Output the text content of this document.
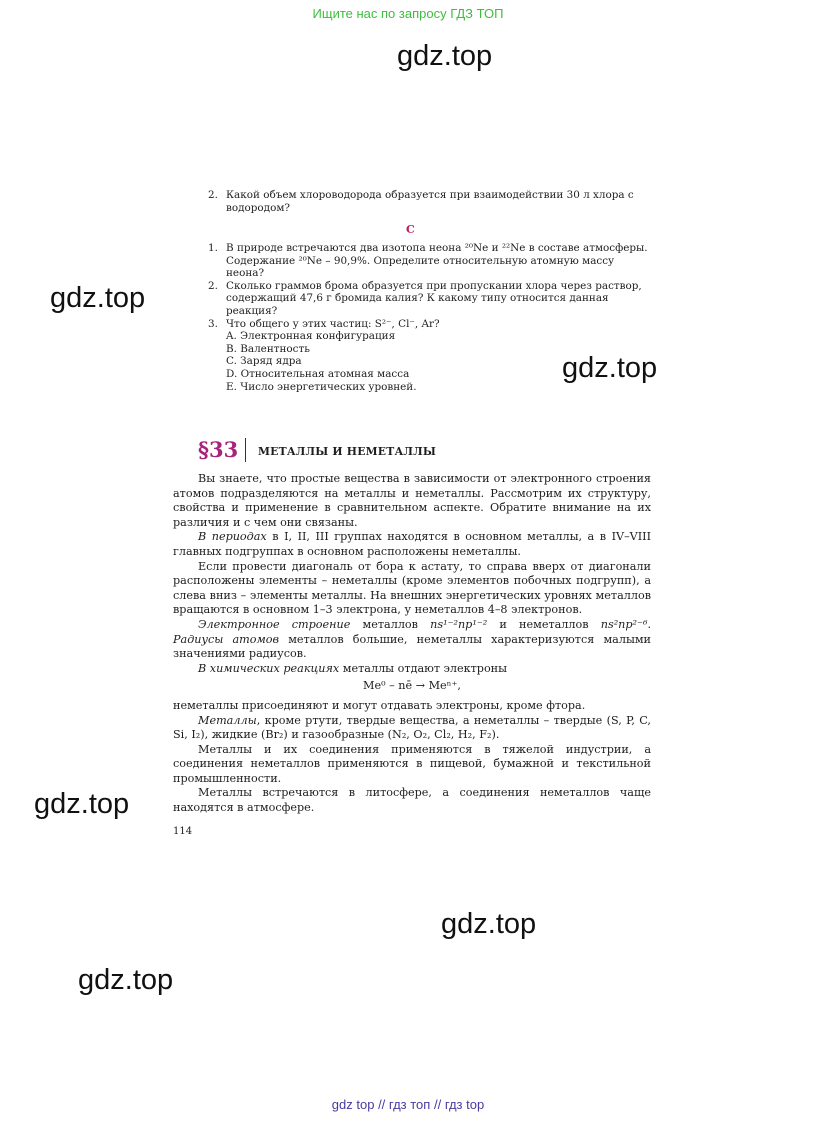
Ищите нас по запросу ГДЗ ТОП
gdz.top
gdz.top
gdz.top
gdz.top
gdz.top
gdz.top
2. Какой объем хлороводорода образуется при взаимодействии 30 л хлора с водородом?
С
1. В природе встречаются два изотопа неона ²⁰Ne и ²²Ne в составе атмосферы. Содержание ²⁰Ne – 90,9%. Определите относительную атомную массу неона?
2. Сколько граммов брома образуется при пропускании хлора через раствор, содержащий 47,6 г бромида калия? К какому типу относится данная реакция?
3. Что общего у этих частиц: S²⁻, Cl⁻, Ar?
A. Электронная конфигурация
B. Валентность
C. Заряд ядра
D. Относительная атомная масса
E. Число энергетических уровней.
§33 МЕТАЛЛЫ И НЕМЕТАЛЛЫ

Вы знаете, что простые вещества в зависимости от электронного строения атомов подразделяются на металлы и неметаллы. Рассмотрим их структуру, свойства и применение в сравнительном аспекте. Обратите внимание на их различия и с чем они связаны.

В периодах в I, II, III группах находятся в основном металлы, а в IV–VIII главных подгруппах в основном расположены неметаллы.

Если провести диагональ от бора к астату, то справа вверх от диагонали расположены элементы – неметаллы (кроме элементов побочных подгрупп), а слева вниз – элементы металлы. На внешних энергетических уровнях металлов вращаются в основном 1–3 электрона, у неметаллов 4–8 электронов.

Электронное строение металлов ns¹⁻²np¹⁻² и неметаллов ns²np²⁻⁶. Радиусы атомов металлов большие, неметаллы характеризуются малыми значениями радиусов.

В химических реакциях металлы отдают электроны

Me⁰ – nē → Meⁿ⁺,

неметаллы присоединяют и могут отдавать электроны, кроме фтора.

Металлы, кроме ртути, твердые вещества, а неметаллы – твердые (S, P, C, Si, I₂), жидкие (Br₂) и газообразные (N₂, O₂, Cl₂, H₂, F₂).

Металлы и их соединения применяются в тяжелой индустрии, а соединения неметаллов применяются в пищевой, бумажной и текстильной промышленности.

Металлы встречаются в литосфере, а соединения неметаллов чаще находятся в атмосфере.

114
gdz top // гдз топ // гдз top
